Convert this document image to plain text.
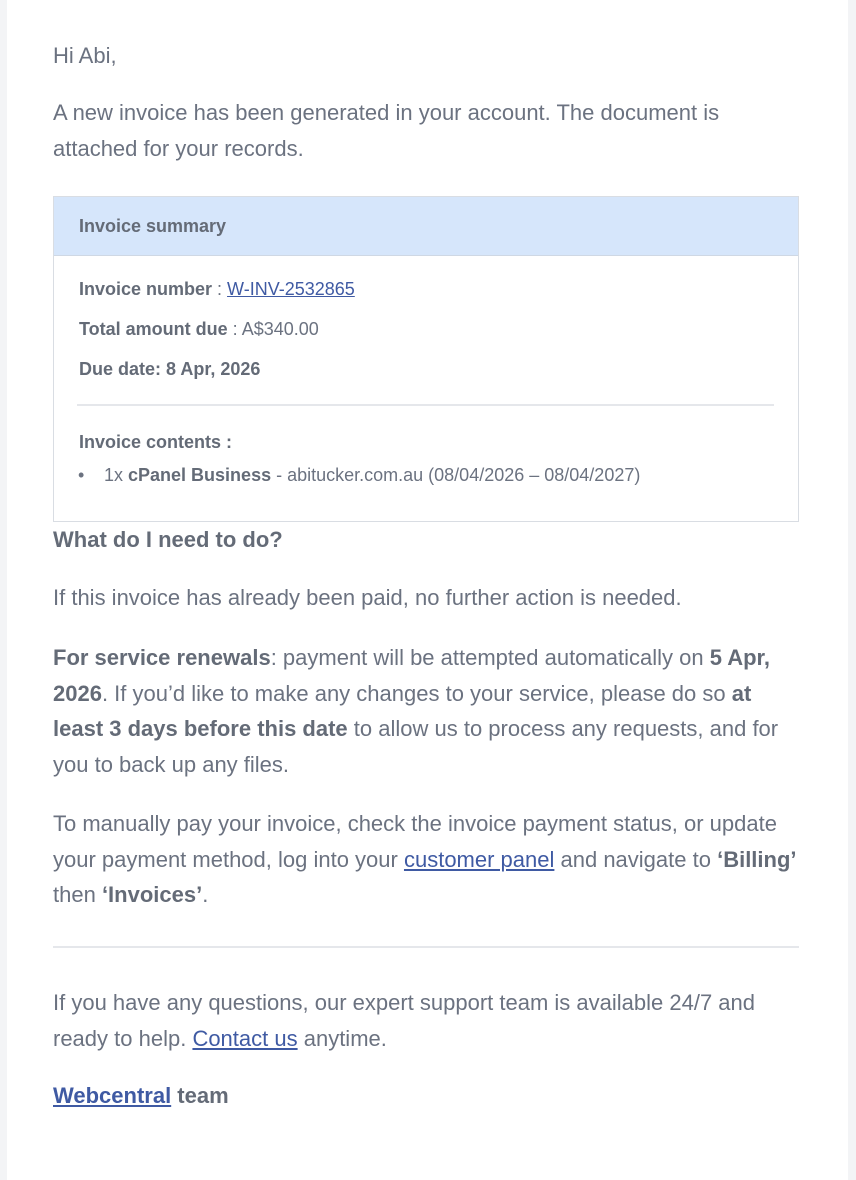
Hi Abi,

A new invoice has been generated in your account. The document is attached for your records.

Invoice summary
Invoice number : W-INV-2532865
Total amount due : A$340.00
Due date: 8 Apr, 2026
Invoice contents :
• 1x cPanel Business - abitucker.com.au (08/04/2026 – 08/04/2027)

What do I need to do?

If this invoice has already been paid, no further action is needed.

For service renewals: payment will be attempted automatically on 5 Apr, 2026. If you’d like to make any changes to your service, please do so at least 3 days before this date to allow us to process any requests, and for you to back up any files.

To manually pay your invoice, check the invoice payment status, or update your payment method, log into your customer panel and navigate to ‘Billing’ then ‘Invoices’.

If you have any questions, our expert support team is available 24/7 and ready to help. Contact us anytime.

Webcentral team
